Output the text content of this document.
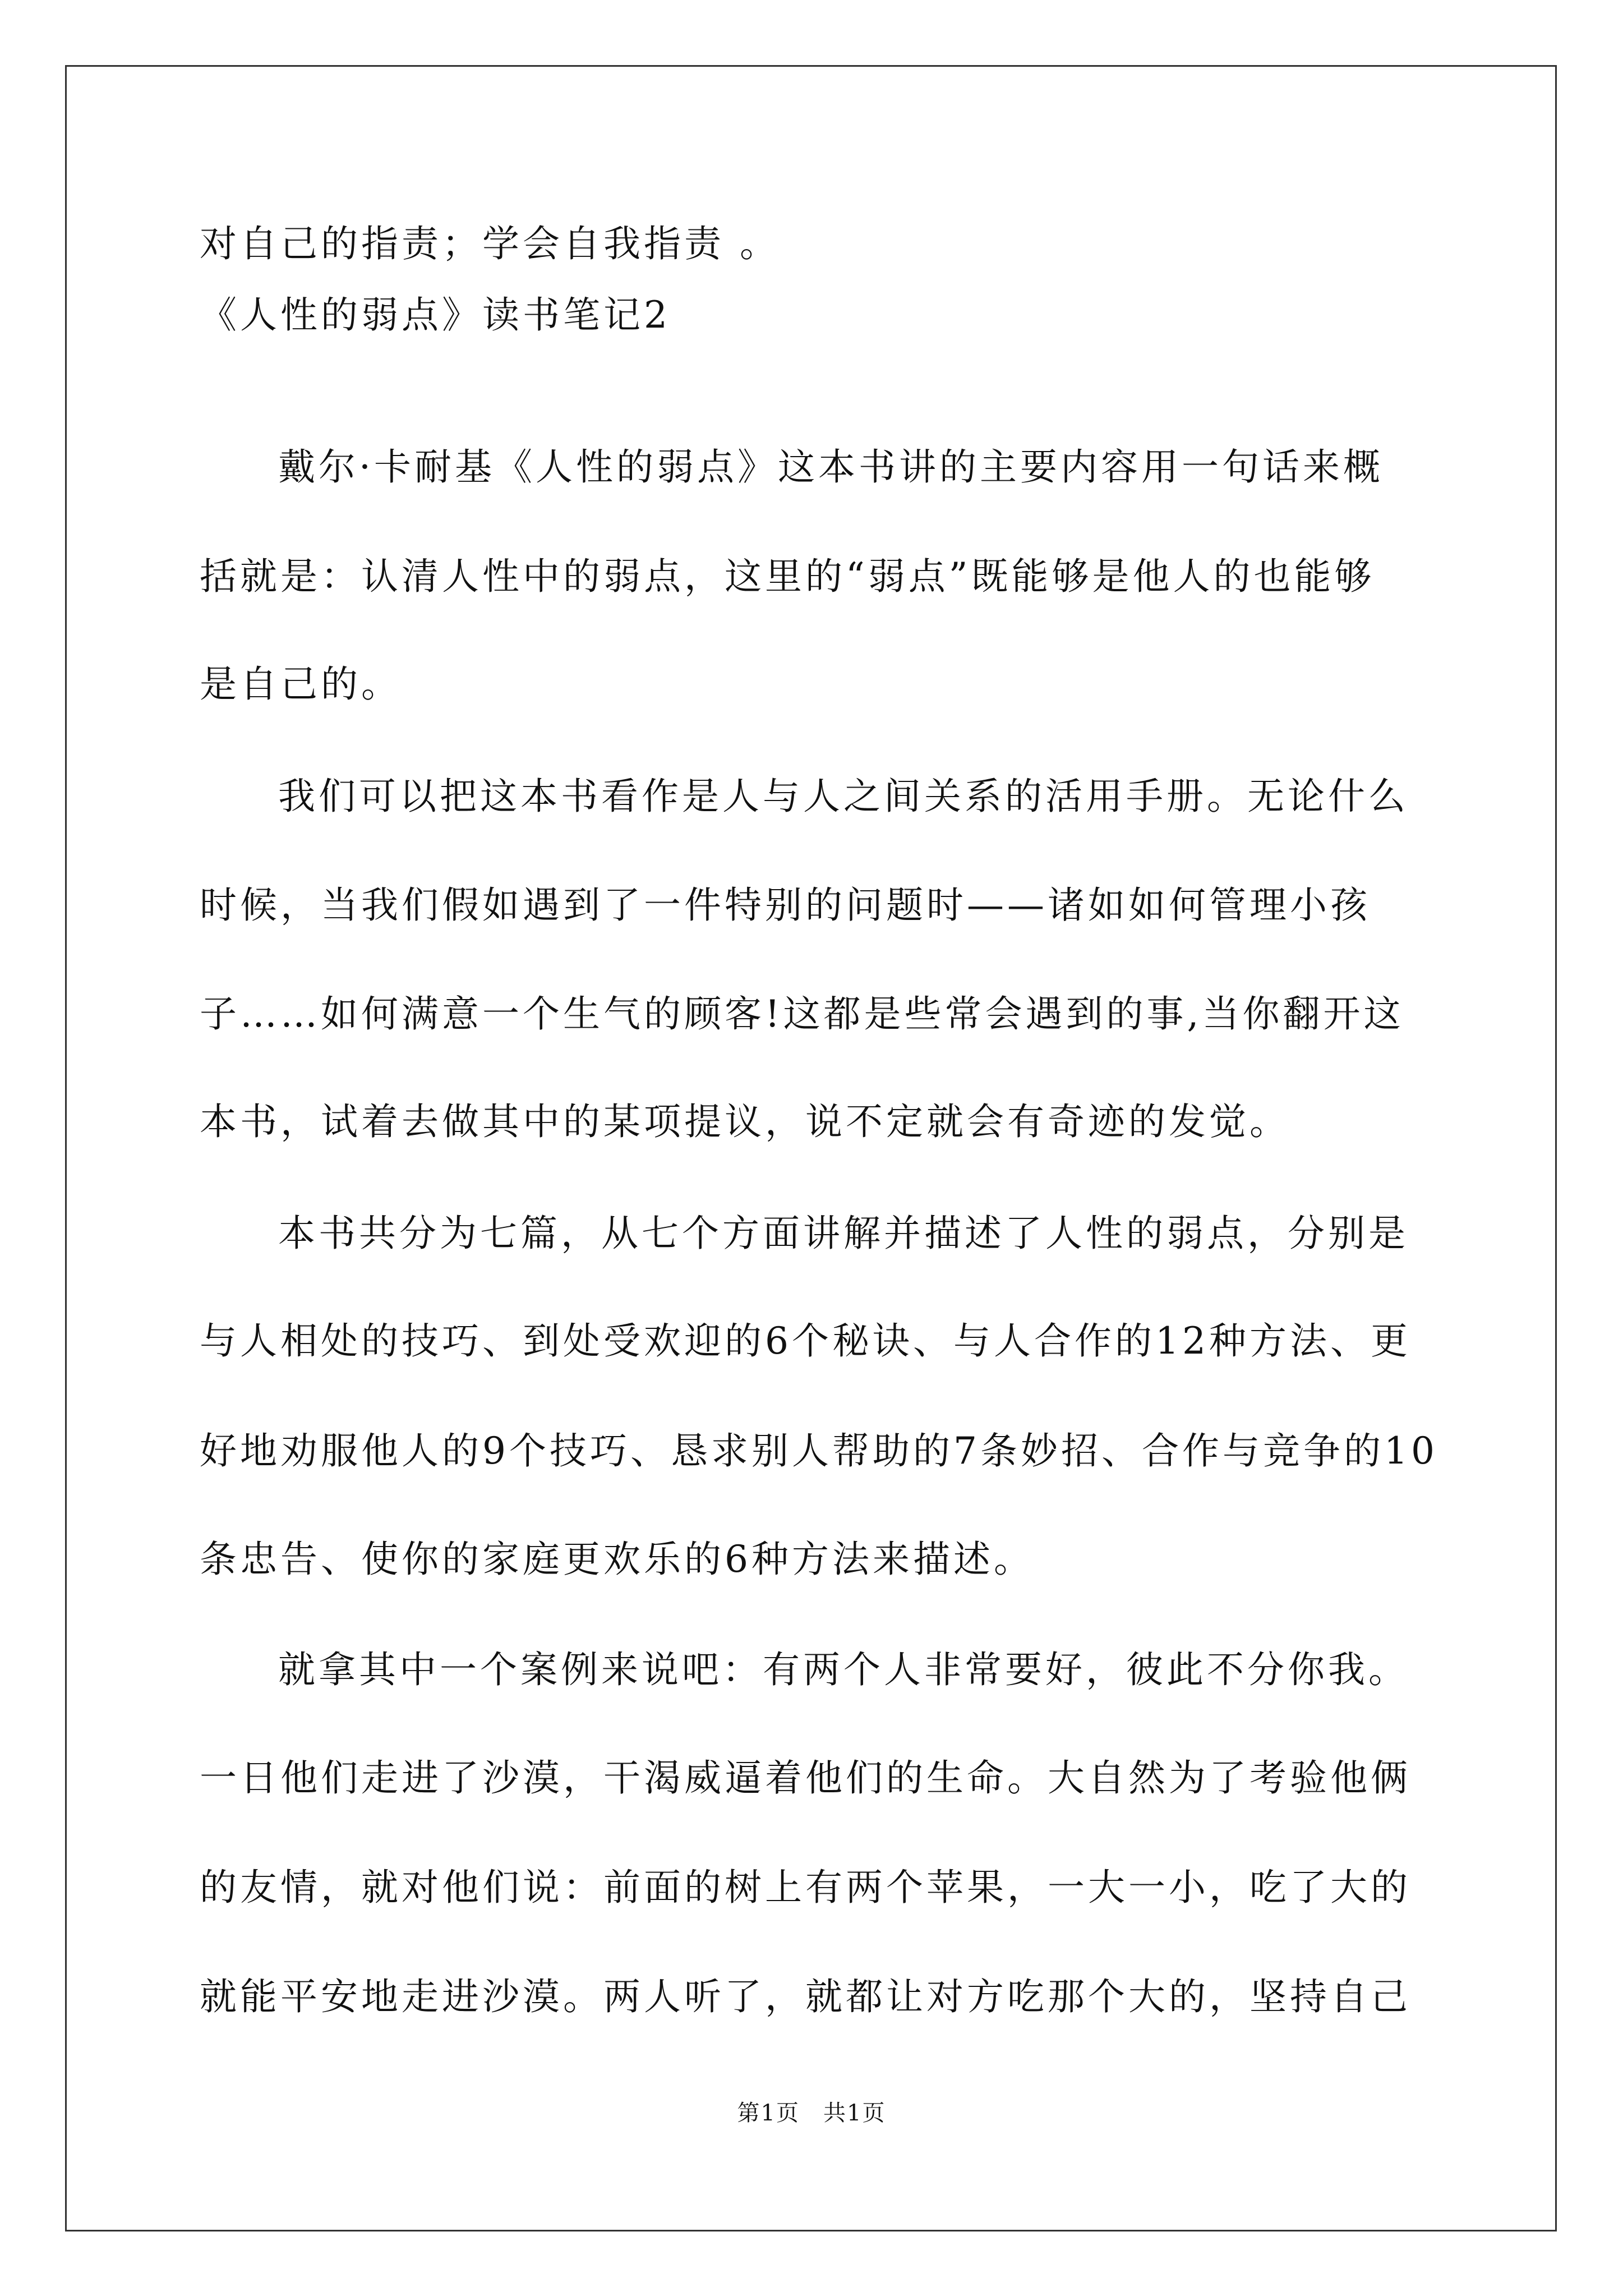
对自己的指责；学会自我指责 。
《人性的弱点》读书笔记2
戴尔·卡耐基《人性的弱点》这本书讲的主要内容用一句话来概
括就是：认清人性中的弱点，这里的“弱点”既能够是他人的也能够
是自己的。
我们可以把这本书看作是人与人之间关系的活用手册。无论什么
时候，当我们假如遇到了一件特别的问题时——诸如如何管理小孩
子……如何满意一个生气的顾客!这都是些常会遇到的事,当你翻开这
本书，试着去做其中的某项提议，说不定就会有奇迹的发觉。
本书共分为七篇，从七个方面讲解并描述了人性的弱点，分别是
与人相处的技巧、到处受欢迎的6个秘诀、与人合作的12种方法、更
好地劝服他人的9个技巧、恳求别人帮助的7条妙招、合作与竞争的10
条忠告、使你的家庭更欢乐的6种方法来描述。
就拿其中一个案例来说吧：有两个人非常要好，彼此不分你我。
一日他们走进了沙漠，干渴威逼着他们的生命。大自然为了考验他俩
的友情，就对他们说：前面的树上有两个苹果，一大一小，吃了大的
就能平安地走进沙漠。两人听了，就都让对方吃那个大的，坚持自己
第1页　共1页
